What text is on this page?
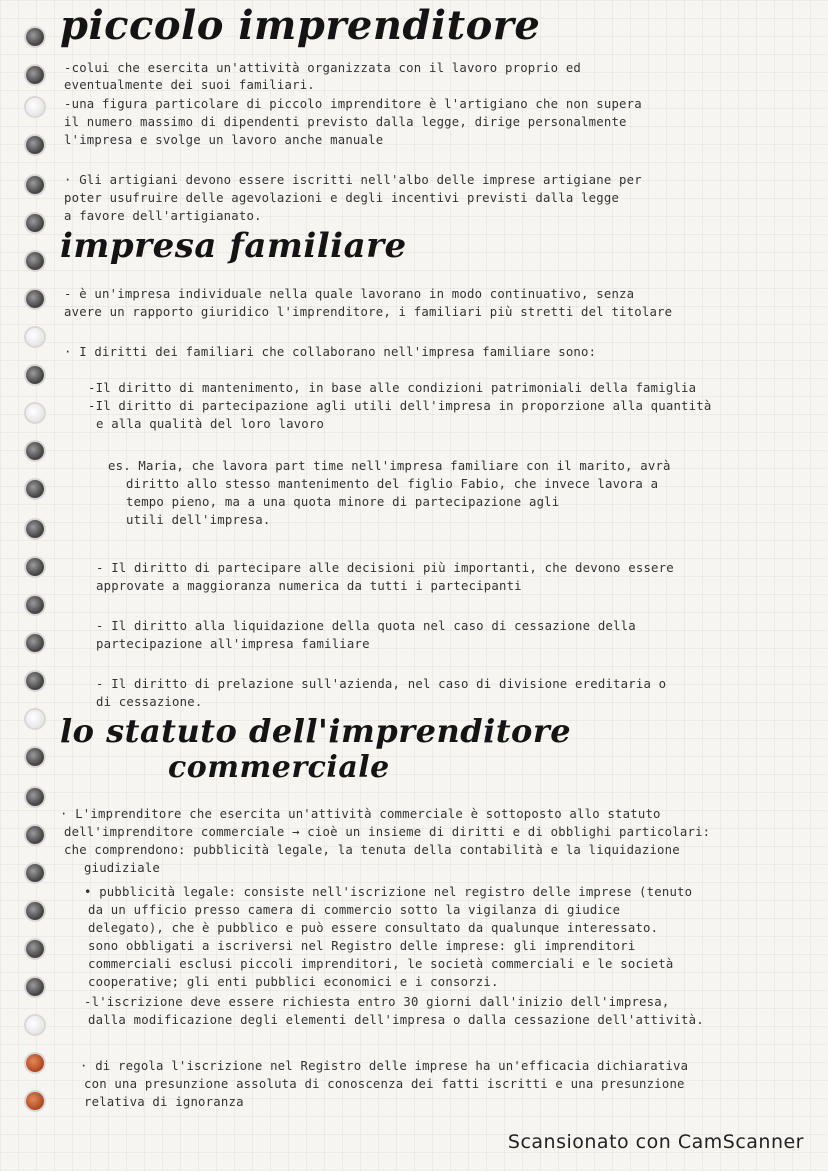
piccolo imprenditore
-colui che esercita un'attività organizzata con il lavoro proprio ed
eventualmente dei suoi familiari.
-una figura particolare di piccolo imprenditore è l'artigiano che non supera
il numero massimo di dipendenti previsto dalla legge, dirige personalmente
l'impresa e svolge un lavoro anche manuale
· Gli artigiani devono essere iscritti nell'albo delle imprese artigiane per
poter usufruire delle agevolazioni e degli incentivi previsti dalla legge
a favore dell'artigianato.
impresa familiare
- è un'impresa individuale nella quale lavorano in modo continuativo, senza
avere un rapporto giuridico l'imprenditore, i familiari più stretti del titolare
· I diritti dei familiari che collaborano nell'impresa familiare sono:
-Il diritto di mantenimento, in base alle condizioni patrimoniali della famiglia
-Il diritto di partecipazione agli utili dell'impresa in proporzione alla quantità
e alla qualità del loro lavoro
es. Maria, che lavora part time nell'impresa familiare con il marito, avrà
diritto allo stesso mantenimento del figlio Fabio, che invece lavora a
tempo pieno, ma a una quota minore di partecipazione agli
utili dell'impresa.
- Il diritto di partecipare alle decisioni più importanti, che devono essere
approvate a maggioranza numerica da tutti i partecipanti
- Il diritto alla liquidazione della quota nel caso di cessazione della
partecipazione all'impresa familiare
- Il diritto di prelazione sull'azienda, nel caso di divisione ereditaria o
di cessazione.
lo statuto dell'imprenditore
commerciale
· L'imprenditore che esercita un'attività commerciale è sottoposto allo statuto
dell'imprenditore commerciale → cioè un insieme di diritti e di obblighi particolari:
che comprendono: pubblicità legale, la tenuta della contabilità e la liquidazione
giudiziale
• pubblicità legale: consiste nell'iscrizione nel registro delle imprese (tenuto
da un ufficio presso camera di commercio sotto la vigilanza di giudice
delegato), che è pubblico e può essere consultato da qualunque interessato.
sono obbligati a iscriversi nel Registro delle imprese: gli imprenditori
commerciali esclusi piccoli imprenditori, le società commerciali e le società
cooperative; gli enti pubblici economici e i consorzi.
-l'iscrizione deve essere richiesta entro 30 giorni dall'inizio dell'impresa,
dalla modificazione degli elementi dell'impresa o dalla cessazione dell'attività.
· di regola l'iscrizione nel Registro delle imprese ha un'efficacia dichiarativa
con una presunzione assoluta di conoscenza dei fatti iscritti e una presunzione
relativa di ignoranza
Scansionato con CamScanner
